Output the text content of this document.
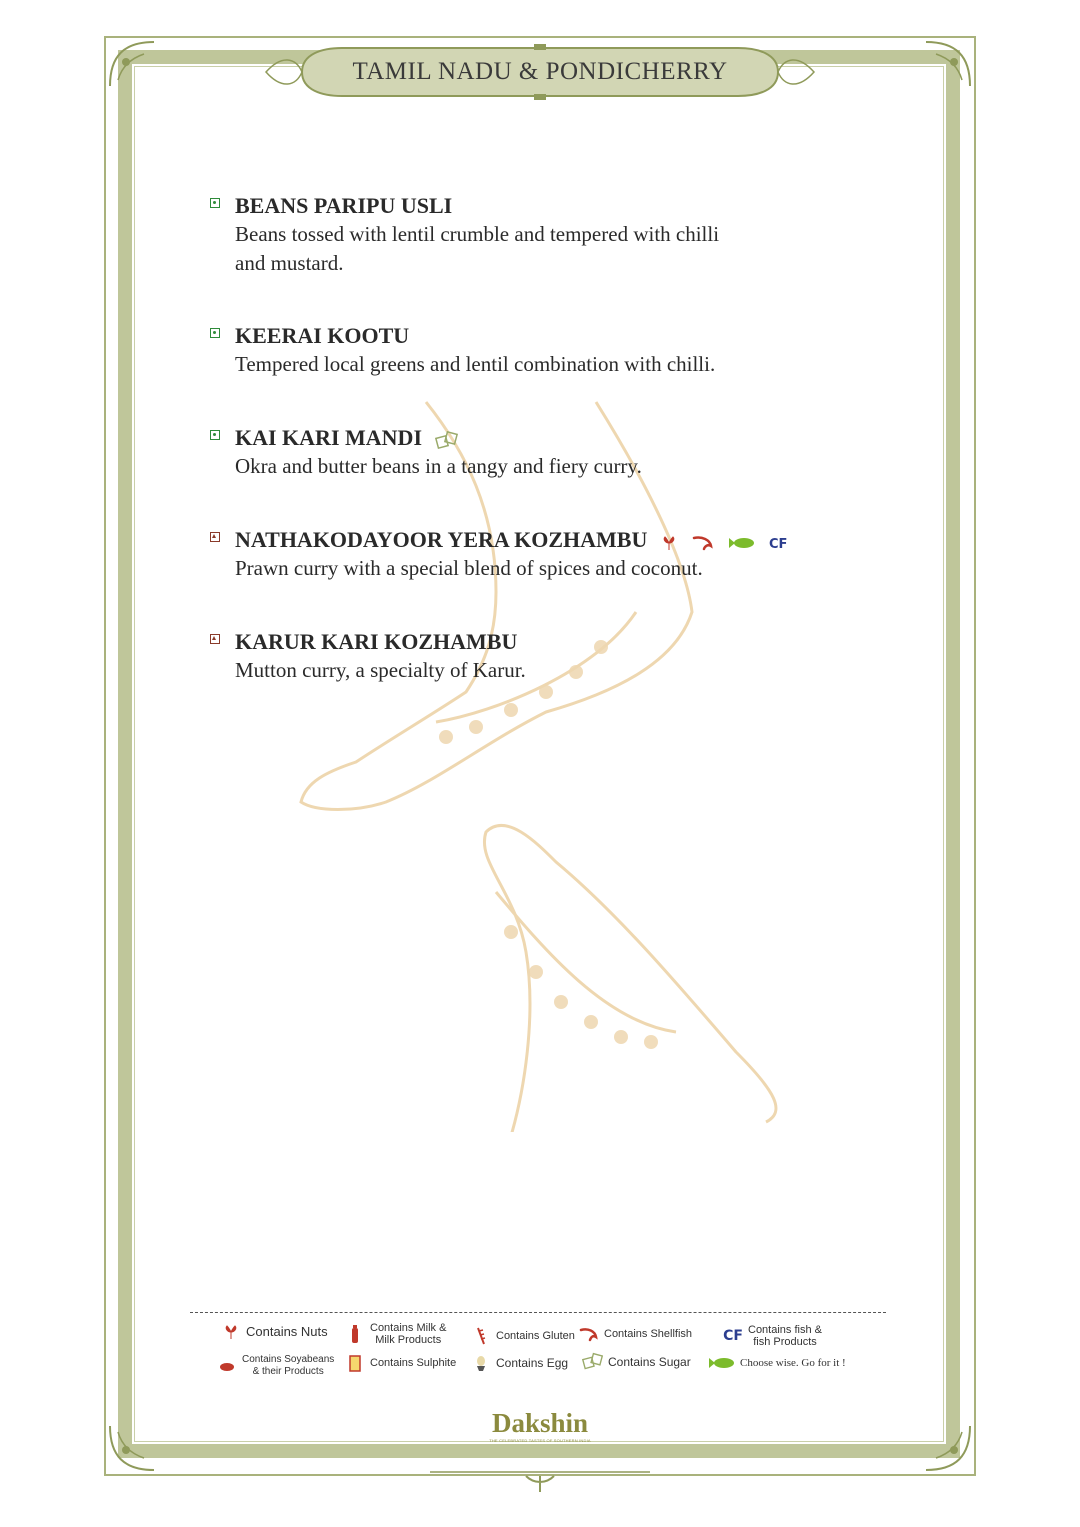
TAMIL NADU & PONDICHERRY
BEANS PARIPU USLI
Beans tossed with lentil crumble and tempered with chilli and mustard.
KEERAI KOOTU
Tempered local greens and lentil combination with chilli.
KAI KARI MANDI
Okra and butter beans in a tangy and fiery curry.
NATHAKODAYOOR YERA KOZHAMBU	CF
Prawn curry with a special blend of spices and coconut.
KARUR KARI KOZHAMBU
Mutton curry, a specialty of Karur.
Contains Nuts	Contains Milk &
Milk Products	Contains Gluten	Contains Shellfish CF Contains fish &
fish Products
Contains Soyabeans
& their Products
Contains Sulphite	Contains Egg	Contains Sugar	Choose wise. Go for it !
Dakshin
THE CELEBRATED TASTES OF SOUTHERN INDIA
